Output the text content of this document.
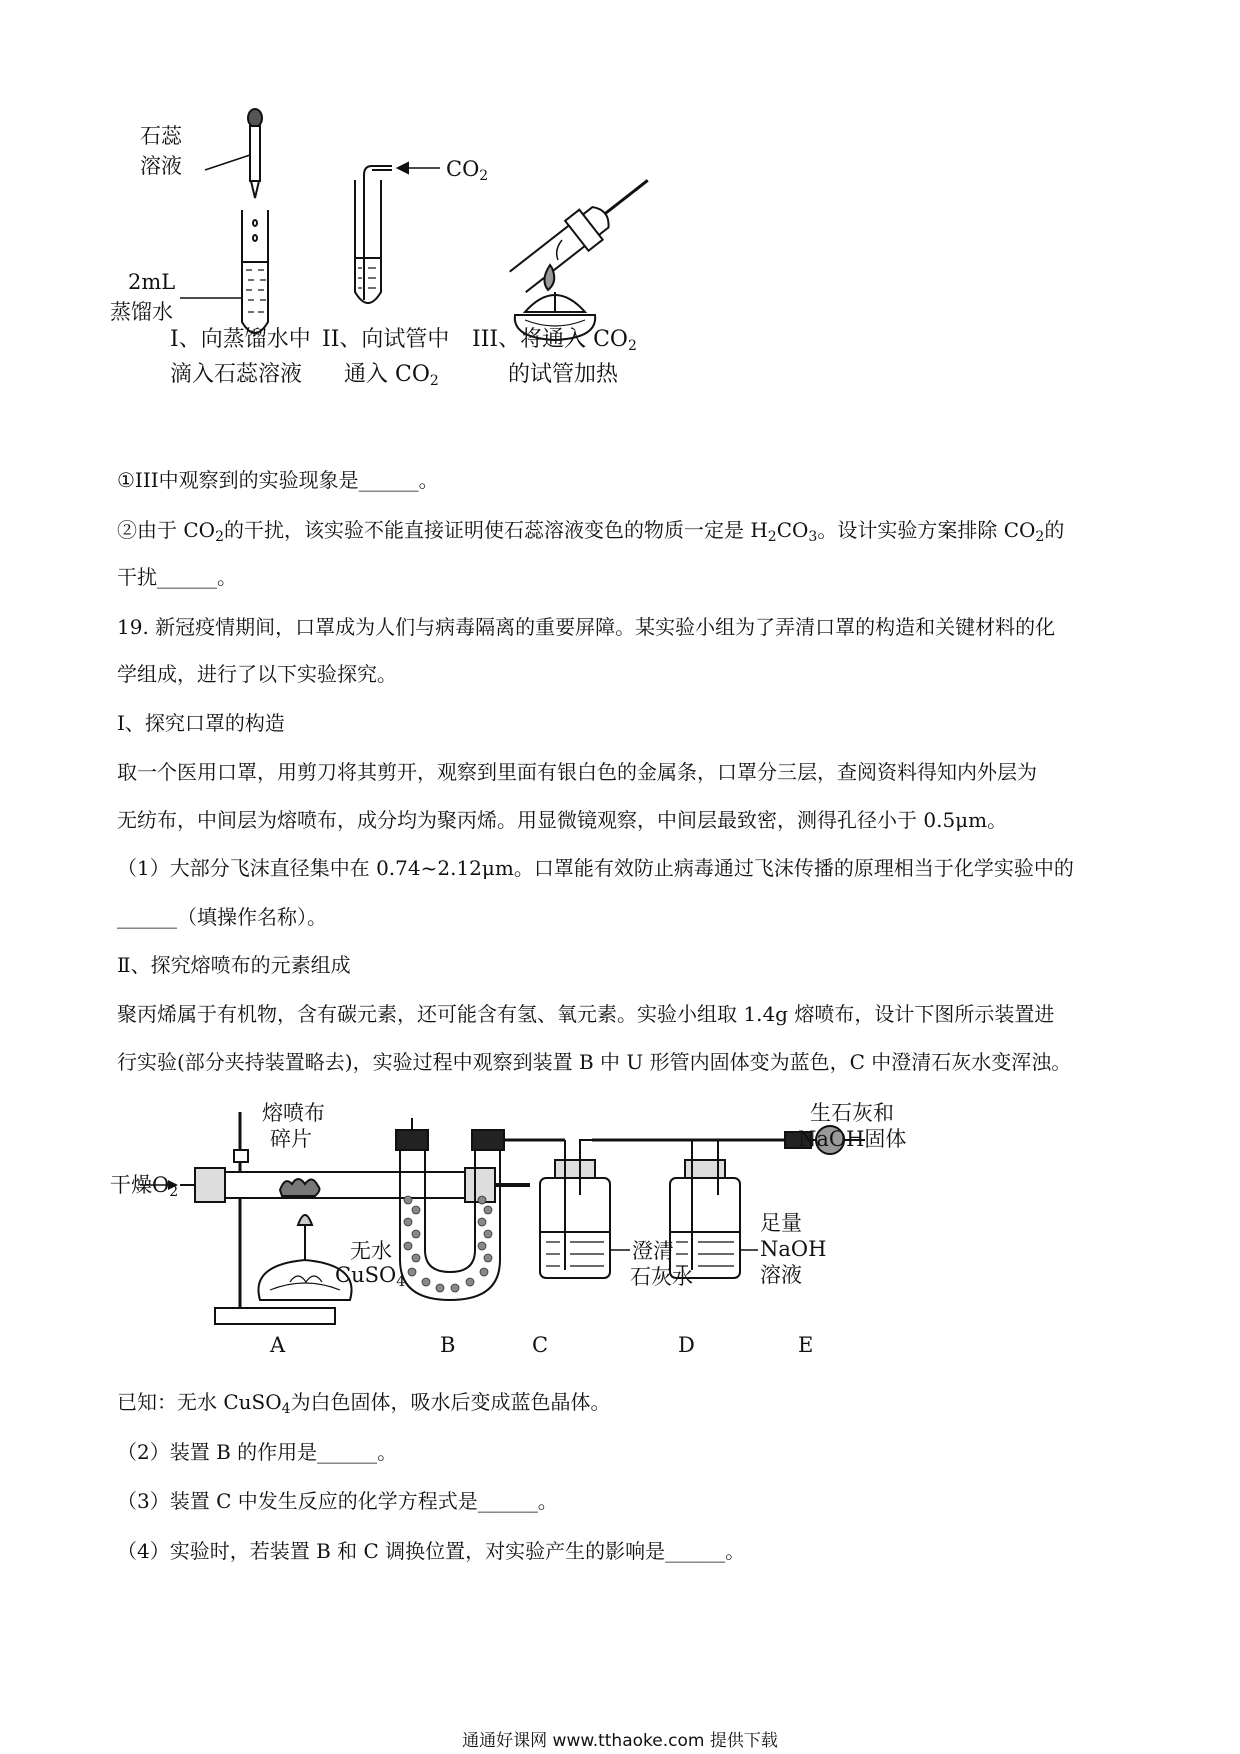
石蕊
溶液	$CO_2$
2mL
蒸馏水
I、向蒸馏水中
滴入石蕊溶液
II、向试管中
通入 $CO_2$
III、将通入 $CO_2$
的试管加热
①III中观察到的实验现象是______。
②由于 $CO_2$的干扰，该实验不能直接证明使石蕊溶液变色的物质一定是 $H_2CO_3$。设计实验方案排除 $CO_2$的
干扰______。
19. 新冠疫情期间，口罩成为人们与病毒隔离的重要屏障。某实验小组为了弄清口罩的构造和关键材料的化
学组成，进行了以下实验探究。
Ⅰ、探究口罩的构造
取一个医用口罩，用剪刀将其剪开，观察到里面有银白色的金属条，口罩分三层，查阅资料得知内外层为
无纺布，中间层为熔喷布，成分均为聚丙烯。用显微镜观察，中间层最致密，测得孔径小于 0.5μm。
（1）大部分飞沫直径集中在 0.74~2.12μm。口罩能有效防止病毒通过飞沫传播的原理相当于化学实验中的
______（填操作名称）。
Ⅱ、探究熔喷布的元素组成
聚丙烯属于有机物，含有碳元素，还可能含有氢、氧元素。实验小组取 1.4g 熔喷布，设计下图所示装置进
行实验(部分夹持装置略去)，实验过程中观察到装置 B 中 U 形管内固体变为蓝色，C 中澄清石灰水变浑浊。
干燥$O_2$
熔喷布
碎片
无水
CuSO$_4$
澄清
石灰水
足量
NaOH
溶液
生石灰和
NaOH固体
A	B	C	D	E
已知：无水 CuSO$_4$为白色固体，吸水后变成蓝色晶体。
（2）装置 B 的作用是______。
（3）装置 C 中发生反应的化学方程式是______。
（4）实验时，若装置 B 和 C 调换位置，对实验产生的影响是______。
通通好课网 www.tthaoke.com 提供下载
